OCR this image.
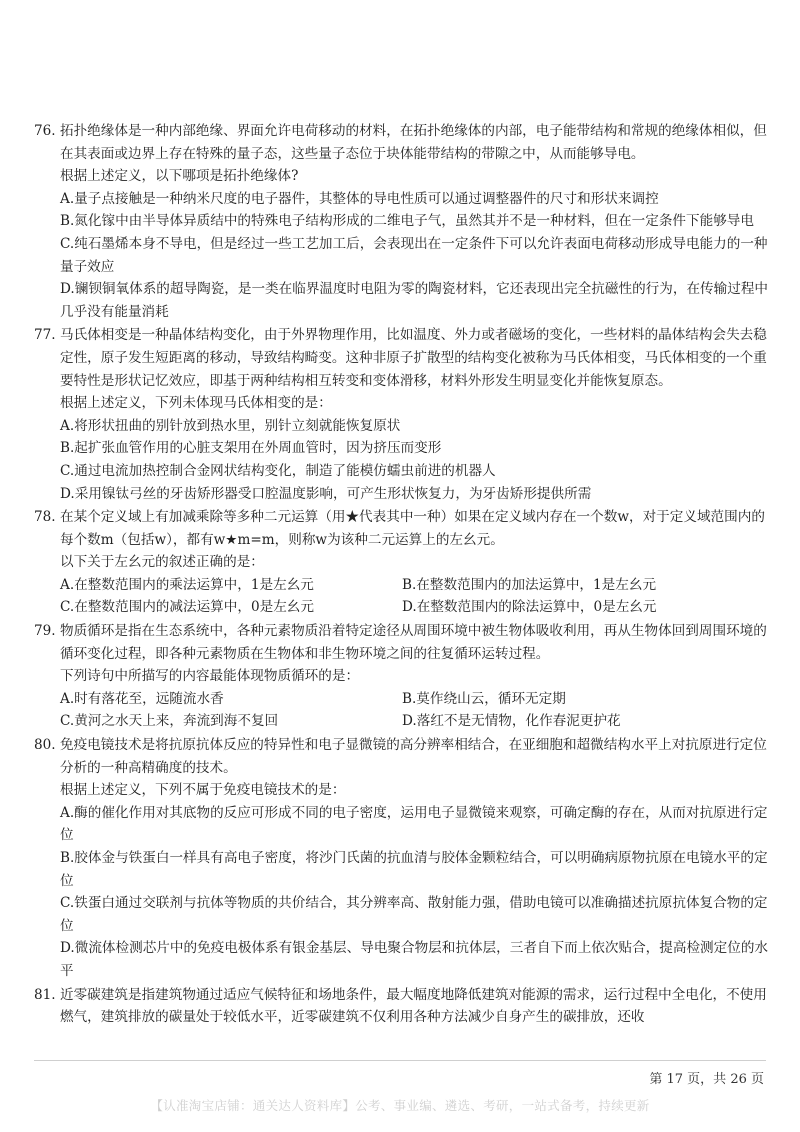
76. 拓扑绝缘体是一种内部绝缘、界面允许电荷移动的材料，在拓扑绝缘体的内部，电子能带结构和常规的绝缘体相似，但在其表面或边界上存在特殊的量子态，这些量子态位于块体能带结构的带隙之中，从而能够导电。
根据上述定义，以下哪项是拓扑绝缘体?
A.量子点接触是一种纳米尺度的电子器件，其整体的导电性质可以通过调整器件的尺寸和形状来调控
B.氮化镓中由半导体异质结中的特殊电子结构形成的二维电子气，虽然其并不是一种材料，但在一定条件下能够导电
C.纯石墨烯本身不导电，但是经过一些工艺加工后，会表现出在一定条件下可以允许表面电荷移动形成导电能力的一种量子效应
D.镧钡铜氧体系的超导陶瓷，是一类在临界温度时电阻为零的陶瓷材料，它还表现出完全抗磁性的行为，在传输过程中几乎没有能量消耗
77. 马氏体相变是一种晶体结构变化，由于外界物理作用，比如温度、外力或者磁场的变化，一些材料的晶体结构会失去稳定性，原子发生短距离的移动，导致结构畸变。这种非原子扩散型的结构变化被称为马氏体相变，马氏体相变的一个重要特性是形状记忆效应，即基于两种结构相互转变和变体滑移，材料外形发生明显变化并能恢复原态。
根据上述定义，下列未体现马氏体相变的是：
A.将形状扭曲的别针放到热水里，别针立刻就能恢复原状
B.起扩张血管作用的心脏支架用在外周血管时，因为挤压而变形
C.通过电流加热控制合金网状结构变化，制造了能模仿蠕虫前进的机器人
D.采用镍钛弓丝的牙齿矫形器受口腔温度影响，可产生形状恢复力，为牙齿矫形提供所需
78. 在某个定义域上有加减乘除等多种二元运算（用★代表其中一种）如果在定义域内存在一个数w，对于定义域范围内的每个数m（包括w），都有w★m=m，则称w为该种二元运算上的左幺元。
以下关于左幺元的叙述正确的是：
A.在整数范围内的乘法运算中，1是左幺元	B.在整数范围内的加法运算中，1是左幺元
C.在整数范围内的减法运算中，0是左幺元	D.在整数范围内的除法运算中，0是左幺元
79. 物质循环是指在生态系统中，各种元素物质沿着特定途径从周围环境中被生物体吸收利用，再从生物体回到周围环境的循环变化过程，即各种元素物质在生物体和非生物环境之间的往复循环运转过程。
下列诗句中所描写的内容最能体现物质循环的是：
A.时有落花至，远随流水香	B.莫作绕山云，循环无定期
C.黄河之水天上来，奔流到海不复回	D.落红不是无情物，化作春泥更护花
80. 免疫电镜技术是将抗原抗体反应的特异性和电子显微镜的高分辨率相结合，在亚细胞和超微结构水平上对抗原进行定位分析的一种高精确度的技术。
根据上述定义，下列不属于免疫电镜技术的是：
A.酶的催化作用对其底物的反应可形成不同的电子密度，运用电子显微镜来观察，可确定酶的存在，从而对抗原进行定位
B.胶体金与铁蛋白一样具有高电子密度，将沙门氏菌的抗血清与胶体金颗粒结合，可以明确病原物抗原在电镜水平的定位
C.铁蛋白通过交联剂与抗体等物质的共价结合，其分辨率高、散射能力强，借助电镜可以准确描述抗原抗体复合物的定位
D.微流体检测芯片中的免疫电极体系有银金基层、导电聚合物层和抗体层，三者自下而上依次贴合，提高检测定位的水平
81. 近零碳建筑是指建筑物通过适应气候特征和场地条件，最大幅度地降低建筑对能源的需求，运行过程中全电化，不使用燃气，建筑排放的碳量处于较低水平，近零碳建筑不仅利用各种方法减少自身产生的碳排放，还收
第 17 页，共 26 页
【认准淘宝店铺：通关达人资料库】公考、事业编、遴选、考研，一站式备考，持续更新
